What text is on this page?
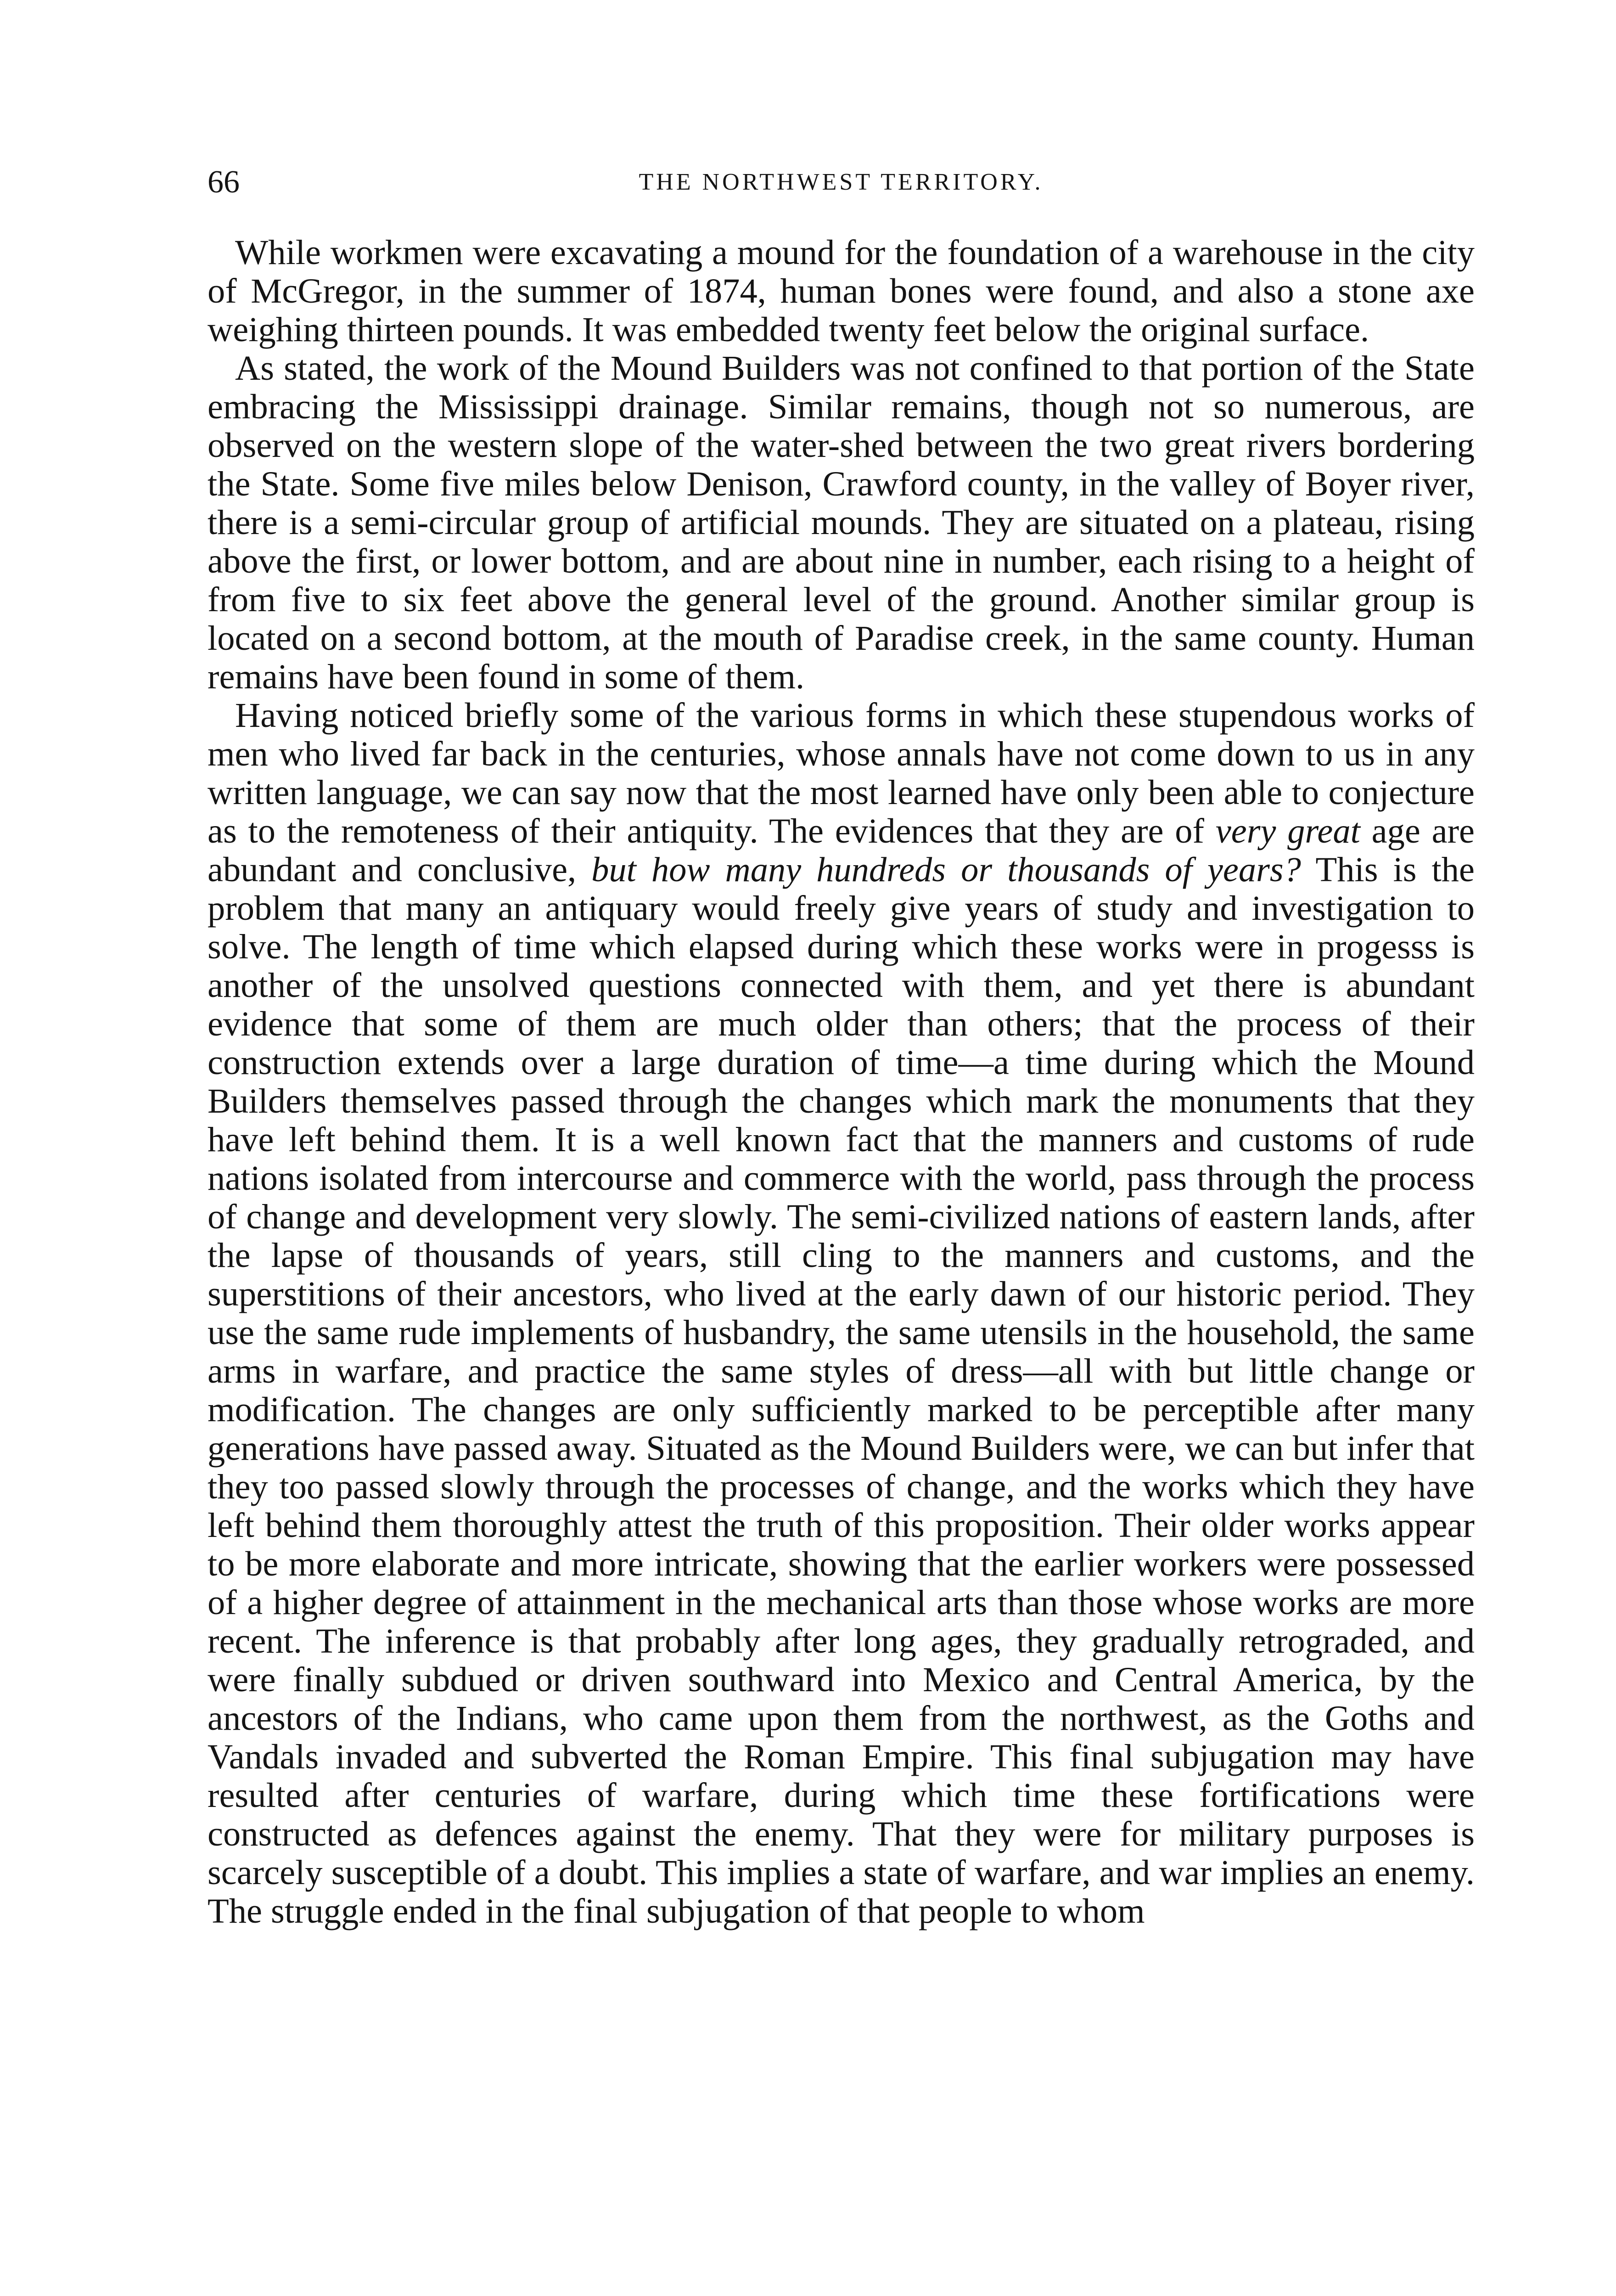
66	THE NORTHWEST TERRITORY.

While workmen were excavating a mound for the foundation of a warehouse in the city of McGregor, in the summer of 1874, human bones were found, and also a stone axe weighing thirteen pounds. It was embedded twenty feet below the original surface.

As stated, the work of the Mound Builders was not confined to that portion of the State embracing the Mississippi drainage. Similar remains, though not so numerous, are observed on the western slope of the water-shed between the two great rivers bordering the State. Some five miles below Denison, Crawford county, in the valley of Boyer river, there is a semi-circular group of artificial mounds. They are situated on a plateau, rising above the first, or lower bottom, and are about nine in number, each rising to a height of from five to six feet above the general level of the ground. Another similar group is located on a second bottom, at the mouth of Paradise creek, in the same county. Human remains have been found in some of them.

Having noticed briefly some of the various forms in which these stupendous works of men who lived far back in the centuries, whose annals have not come down to us in any written language, we can say now that the most learned have only been able to conjecture as to the remoteness of their antiquity. The evidences that they are of very great age are abundant and conclusive, but how many hundreds or thousands of years? This is the problem that many an antiquary would freely give years of study and investigation to solve. The length of time which elapsed during which these works were in progesss is another of the unsolved questions connected with them, and yet there is abundant evidence that some of them are much older than others; that the process of their construction extends over a large duration of time—a time during which the Mound Builders themselves passed through the changes which mark the monuments that they have left behind them. It is a well known fact that the manners and customs of rude nations isolated from intercourse and commerce with the world, pass through the process of change and development very slowly. The semi-civilized nations of eastern lands, after the lapse of thousands of years, still cling to the manners and customs, and the superstitions of their ancestors, who lived at the early dawn of our historic period. They use the same rude implements of husbandry, the same utensils in the household, the same arms in warfare, and practice the same styles of dress—all with but little change or modification. The changes are only sufficiently marked to be perceptible after many generations have passed away. Situated as the Mound Builders were, we can but infer that they too passed slowly through the processes of change, and the works which they have left behind them thoroughly attest the truth of this proposition. Their older works appear to be more elaborate and more intricate, showing that the earlier workers were possessed of a higher degree of attainment in the mechanical arts than those whose works are more recent. The inference is that probably after long ages, they gradually retrograded, and were finally subdued or driven southward into Mexico and Central America, by the ancestors of the Indians, who came upon them from the northwest, as the Goths and Vandals invaded and subverted the Roman Empire. This final subjugation may have resulted after centuries of warfare, during which time these fortifications were constructed as defences against the enemy. That they were for military purposes is scarcely susceptible of a doubt. This implies a state of warfare, and war implies an enemy. The struggle ended in the final subjugation of that people to whom
